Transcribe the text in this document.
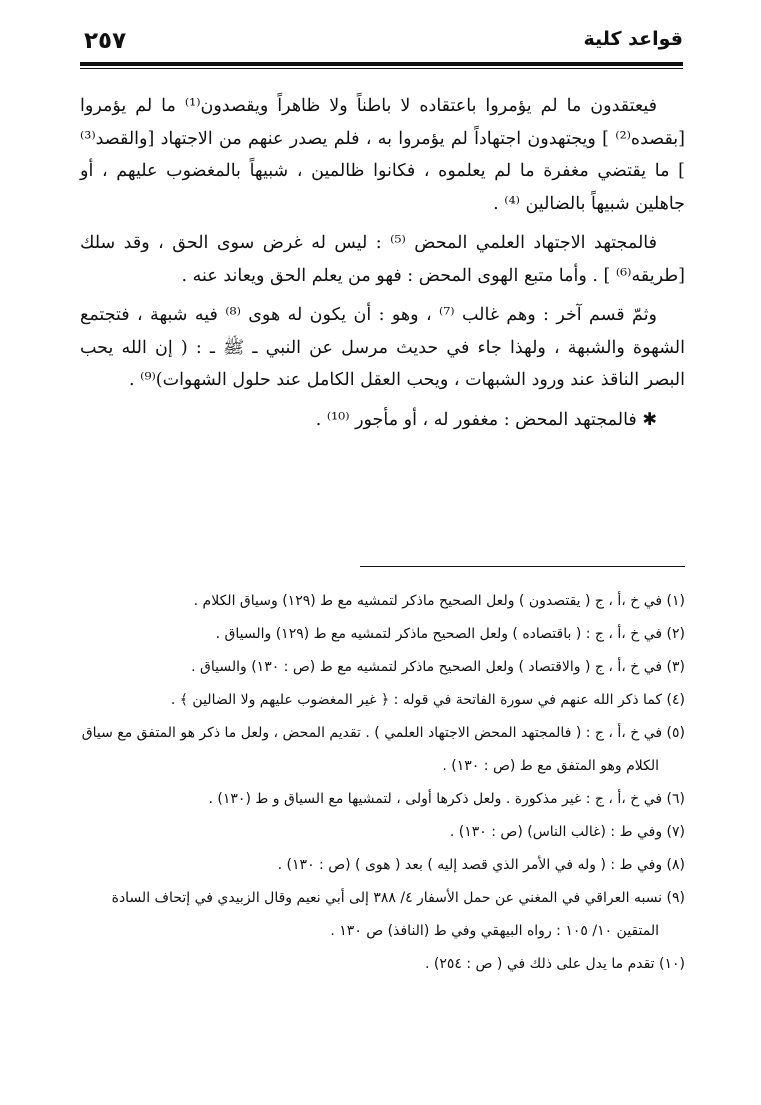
قواعد كلية
٢٥٧

فيعتقدون ما لم يؤمروا باعتقاده لا باطناً ولا ظاهراً ويقصدون⁽¹⁾ ما لم يؤمروا [بقصده⁽²⁾ ] ويجتهدون اجتهاداً لم يؤمروا به ، فلم يصدر عنهم من الاجتهاد [والقصد⁽³⁾ ] ما يقتضي مغفرة ما لم يعلموه ، فكانوا ظالمين ، شبيهاً بالمغضوب عليهم ، أو جاهلين شبيهاً بالضالين ⁽⁴⁾ .

فالمجتهد الاجتهاد العلمي المحض ⁽⁵⁾ : ليس له غرض سوى الحق ، وقد سلك [طريقه⁽⁶⁾ ] . وأما متبع الهوى المحض : فهو من يعلم الحق ويعاند عنه .

وثمّ قسم آخر : وهم غالب ⁽⁷⁾ ، وهو : أن يكون له هوى ⁽⁸⁾ فيه شبهة ، فتجتمع الشهوة والشبهة ، ولهذا جاء في حديث مرسل عن النبي ـ ﷺ ـ : ( إن الله يحب البصر الناقذ عند ورود الشبهات ، ويحب العقل الكامل عند حلول الشهوات)⁽⁹⁾ .

✱ فالمجتهد المحض : مغفور له ، أو مأجور ⁽¹⁰⁾ .

(١) في خ ،أ ، ج ( يقتصدون ) ولعل الصحيح ماذكر لتمشيه مع ط (١٢٩) وسياق الكلام .

(٢) في خ ،أ ، ج : ( باقتصاده ) ولعل الصحيح ماذكر لتمشيه مع ط (١٢٩) والسياق .

(٣) في خ ،أ ، ج ( والاقتصاد ) ولعل الصحيح ماذكر لتمشيه مع ط (ص : ١٣٠) والسياق .

(٤) كما ذكر الله عنهم في سورة الفاتحة في قوله : ﴿ غير المغضوب عليهم ولا الضالين ﴾ .

(٥) في خ ،أ ، ج : ( فالمجتهد المحض الاجتهاد العلمي ) . تقديم المحض ، ولعل ما ذكر هو المتفق مع سياق الكلام وهو المتفق مع ط (ص : ١٣٠) .

(٦) في خ ،أ ، ج : غير مذكورة . ولعل ذكرها أولى ، لتمشيها مع السياق و ط (١٣٠) .

(٧) وفي ط : (غالب الناس) (ص : ١٣٠) .

(٨) وفي ط : ( وله في الأمر الذي قصد إليه ) بعد ( هوى ) (ص : ١٣٠) .

(٩) نسبه العراقي في المغني عن حمل الأسفار ٤/ ٣٨٨ إلى أبي نعيم وقال الزبيدي في إتحاف السادة المتقين ١٠/ ١٠٥ : رواه البيهقي وفي ط (النافذ) ص ١٣٠ .

(١٠) تقدم ما يدل على ذلك في ( ص : ٢٥٤) .
